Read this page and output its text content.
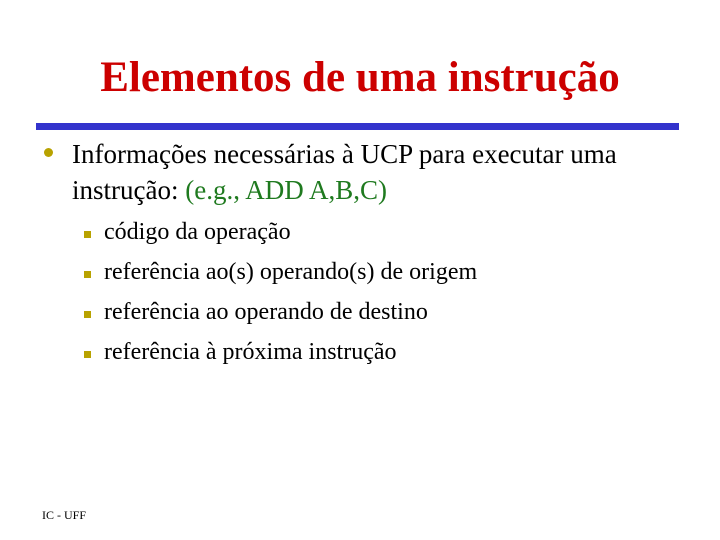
Elementos de uma instrução
Informações necessárias à UCP para executar uma instrução: (e.g., ADD A,B,C)
código da operação
referência ao(s) operando(s) de origem
referência ao operando de destino
referência à próxima instrução
IC - UFF
